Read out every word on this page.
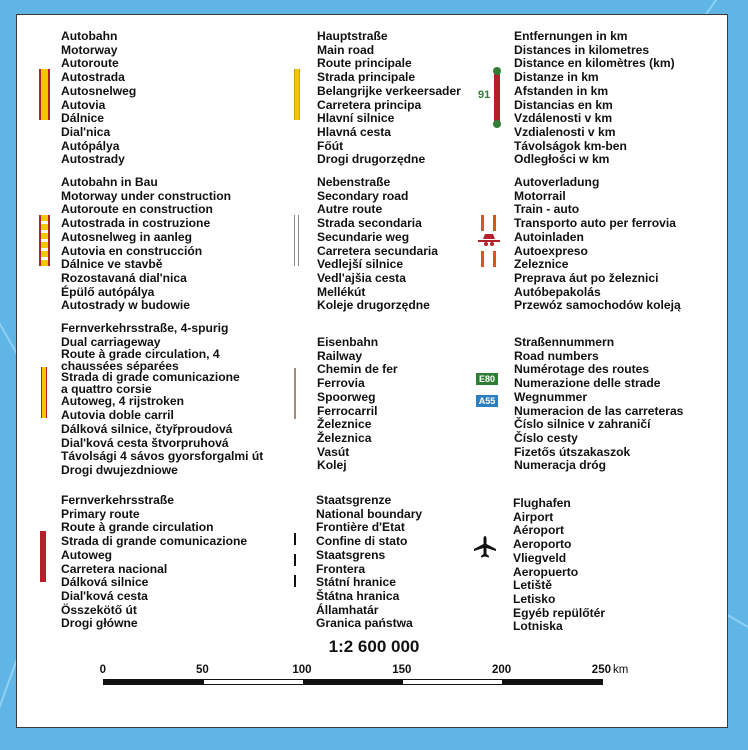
Autobahn
Motorway
Autoroute
Autostrada
Autosnelweg
Autovia
Dálnice
Dial'nica
Autópálya
Autostrady
Hauptstraße
Main road
Route principale
Strada principale
Belangrijke verkeersader
Carretera principa
Hlavní silnice
Hlavná cesta
Főút
Drogi drugorzędne
91
Entfernungen in km
Distances in kilometres
Distance en kilomètres (km)
Distanze in km
Afstanden in km
Distancias en km
Vzdálenosti v km
Vzdialenosti v km
Távolságok km-ben
Odległości w km
Autobahn in Bau
Motorway under construction
Autoroute en construction
Autostrada in costruzione
Autosnelweg in aanleg
Autovia en construcción
Dálnice ve stavbě
Rozostavaná dial'nica
Épülő autópálya
Autostrady w budowie
Nebenstraße
Secondary road
Autre route
Strada secondaria
Secundarie weg
Carretera secundaria
Vedlejší silnice
Vedl'ajšia cesta
Mellékút
Koleje drugorzędne
Autoverladung
Motorrail
Train - auto
Transporto auto per ferrovia
Autoinladen
Autoexpreso
Zeleznice
Preprava áut po železnici
Autóbepakolás
Przewóz samochodów koleją
Fernverkehrsstraße, 4-spurig
Dual carriageway
Route à grade circulation, 4
chaussées séparées
Strada di grade comunicazione
a quattro corsie
Autoweg, 4 rijstroken
Autovia doble carril
Dálková silnice, čtyřproudová
Dial'ková cesta štvorpruhová
Távolsági 4 sávos gyorsforgalmi út
Drogi dwujezdniowe
Eisenbahn
Railway
Chemin de fer
Ferrovia
Spoorweg
Ferrocarril
Železnice
Železnica
Vasút
Kolej
E80
A55
Straßennummern
Road numbers
Numérotage des routes
Numerazione delle strade
Wegnummer
Numeracion de las carreteras
Číslo silnice v zahraničí
Číslo cesty
Fizetős útszakaszok
Numeracja dróg
Fernverkehrsstraße
Primary route
Route à grande circulation
Strada di grande comunicazione
Autoweg
Carretera nacional
Dálková silnice
Dial'ková cesta
Összekötő út
Drogi główne
Staatsgrenze
National boundary
Frontière d'Etat
Confine di stato
Staatsgrens
Frontera
Státní hranice
Štátna hranica
Államhatár
Granica państwa
Flughafen
Airport
Aéroport
Aeroporto
Vliegveld
Aeropuerto
Letiště
Letisko
Egyéb repülőtér
Lotniska
1:2 600 000
0	50	100	150	200	250 km
